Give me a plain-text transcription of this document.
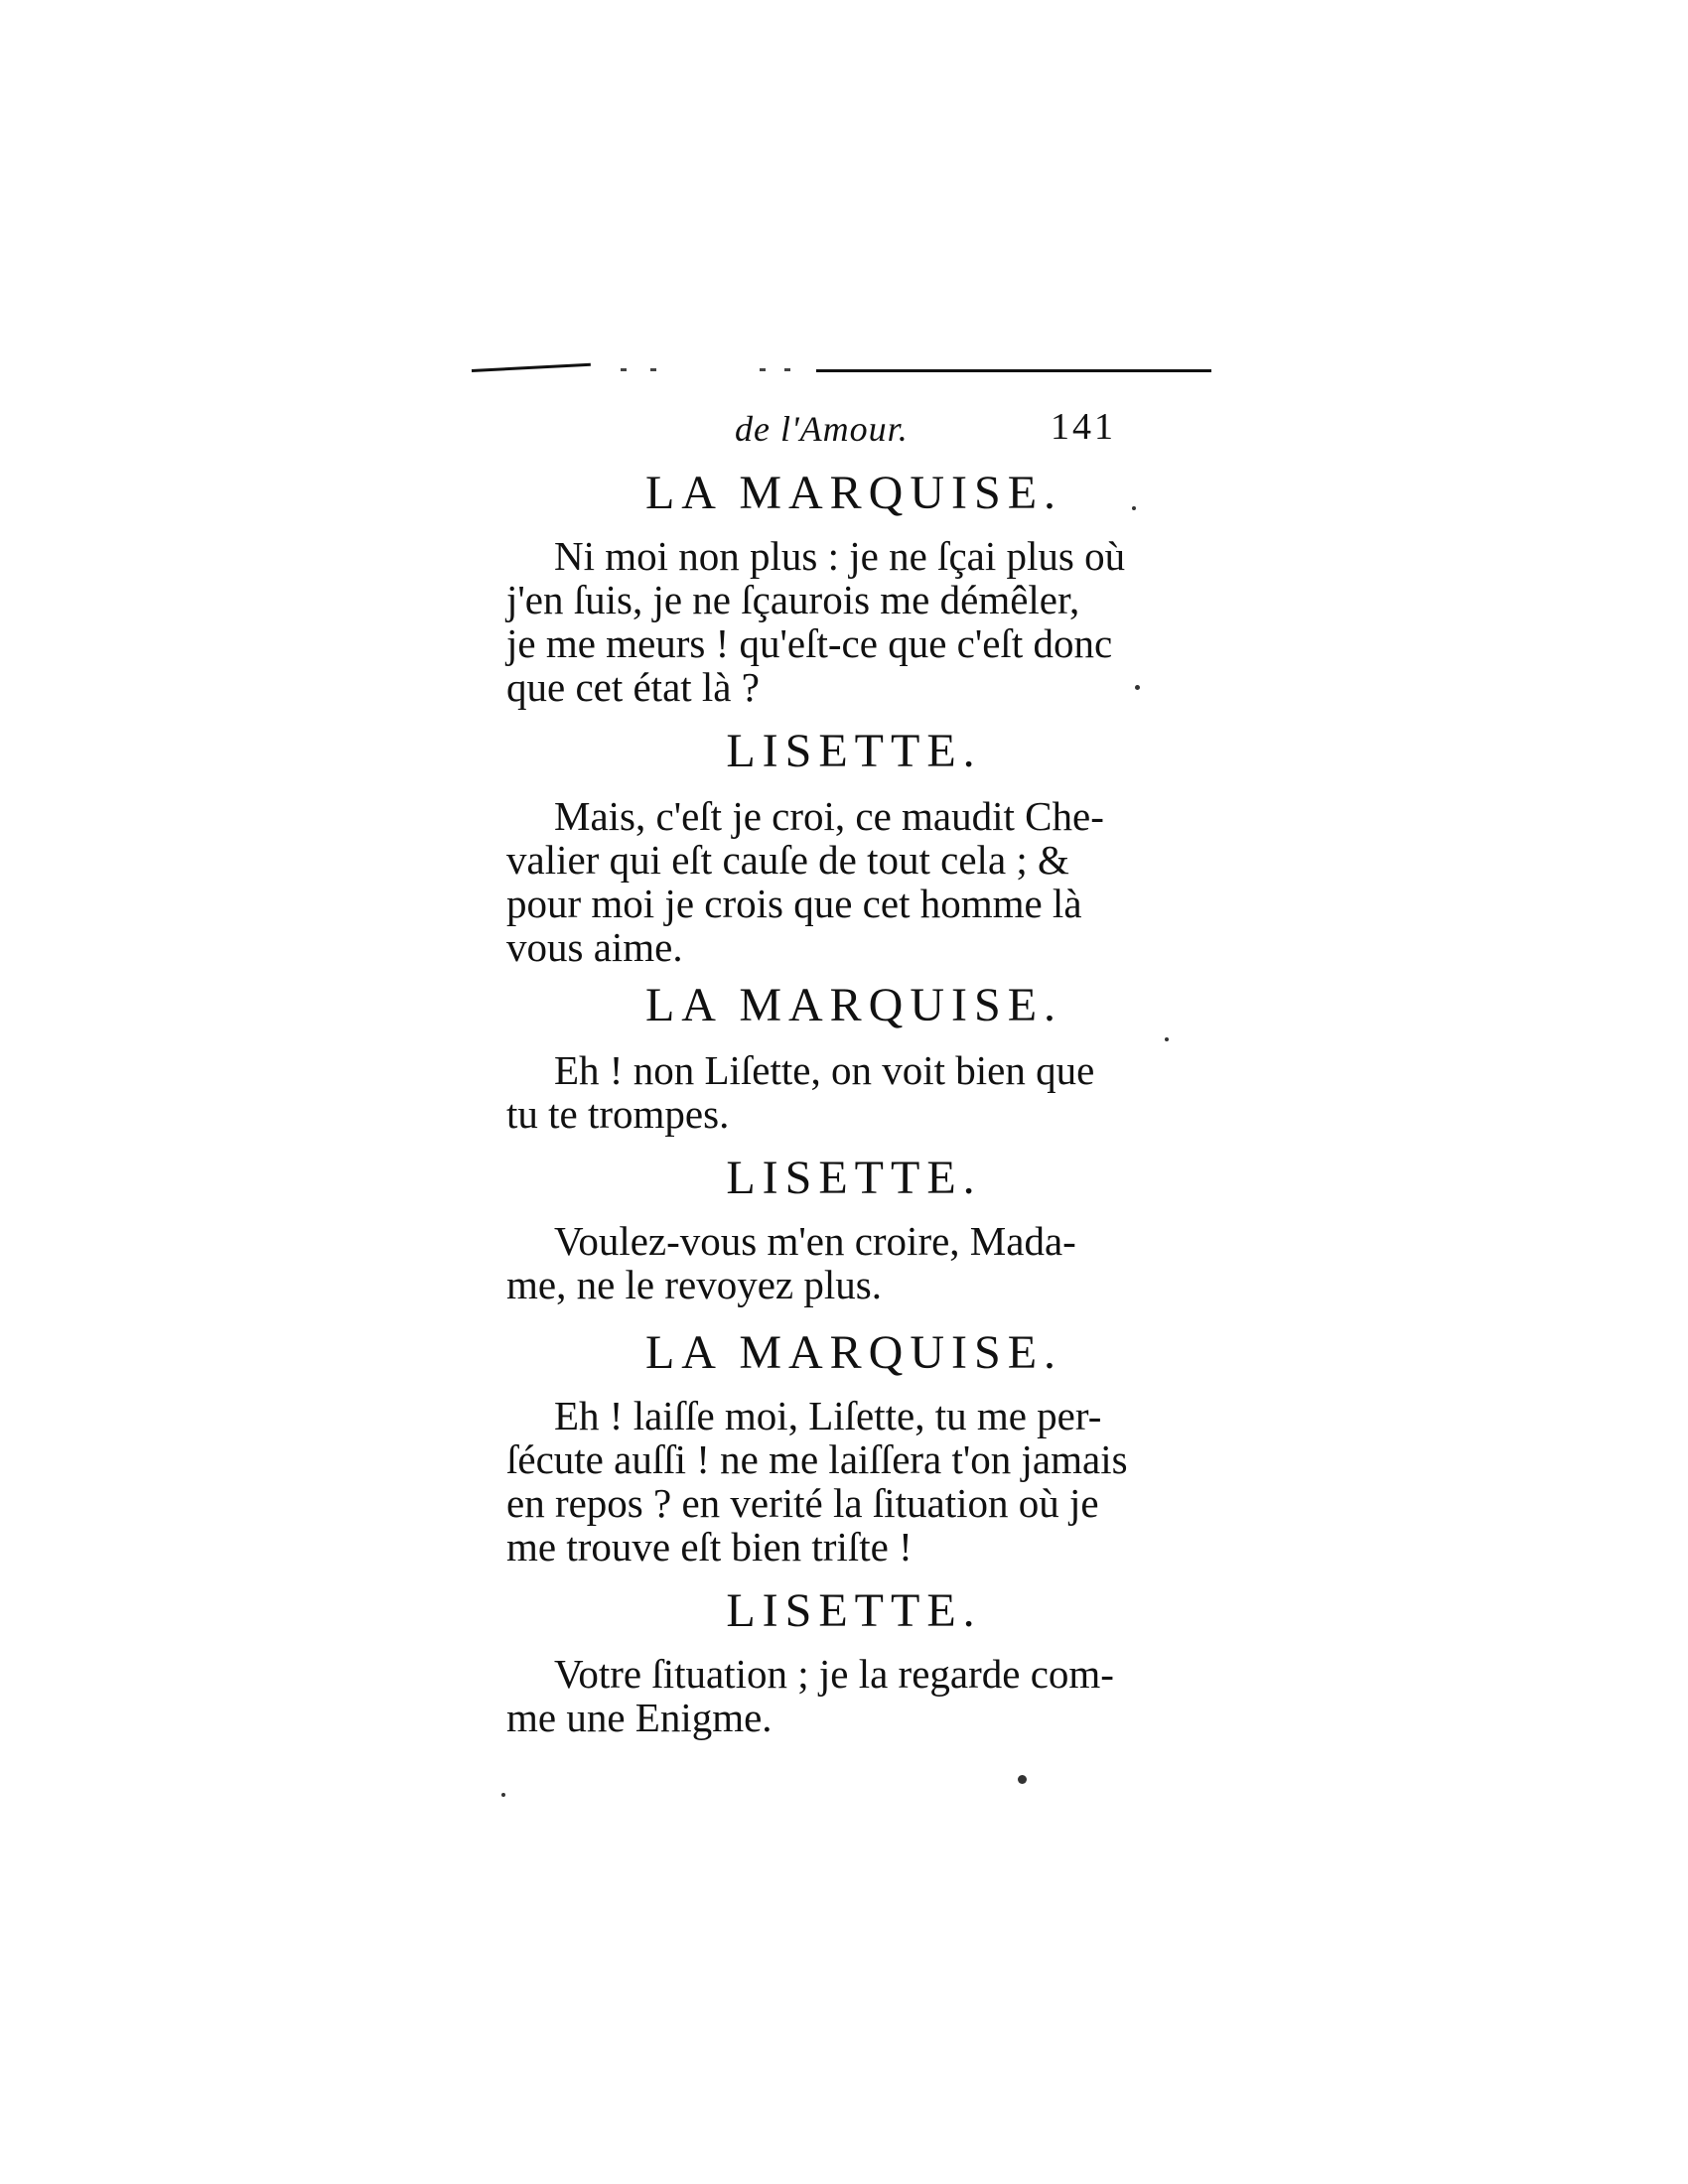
de l'Amour.	141
LA MARQUISE.

Ni moi non plus : je ne ſçai plus où
j'en ſuis, je ne ſçaurois me démêler,
je me meurs ! qu'eſt-ce que c'eſt donc
que cet état là ?

LISETTE.

Mais, c'eſt je croi, ce maudit Che-
valier qui eſt cauſe de tout cela ; &
pour moi je crois que cet homme là
vous aime.

LA MARQUISE.

Eh ! non Liſette, on voit bien que
tu te trompes.

LISETTE.

Voulez-vous m'en croire, Mada-
me, ne le revoyez plus.

LA MARQUISE.

Eh ! laiſſe moi, Liſette, tu me per-
ſécute auſſi ! ne me laiſſera t'on jamais
en repos ? en verité la ſituation où je
me trouve eſt bien triſte !

LISETTE.

Votre ſituation ; je la regarde com-
me une Enigme.
